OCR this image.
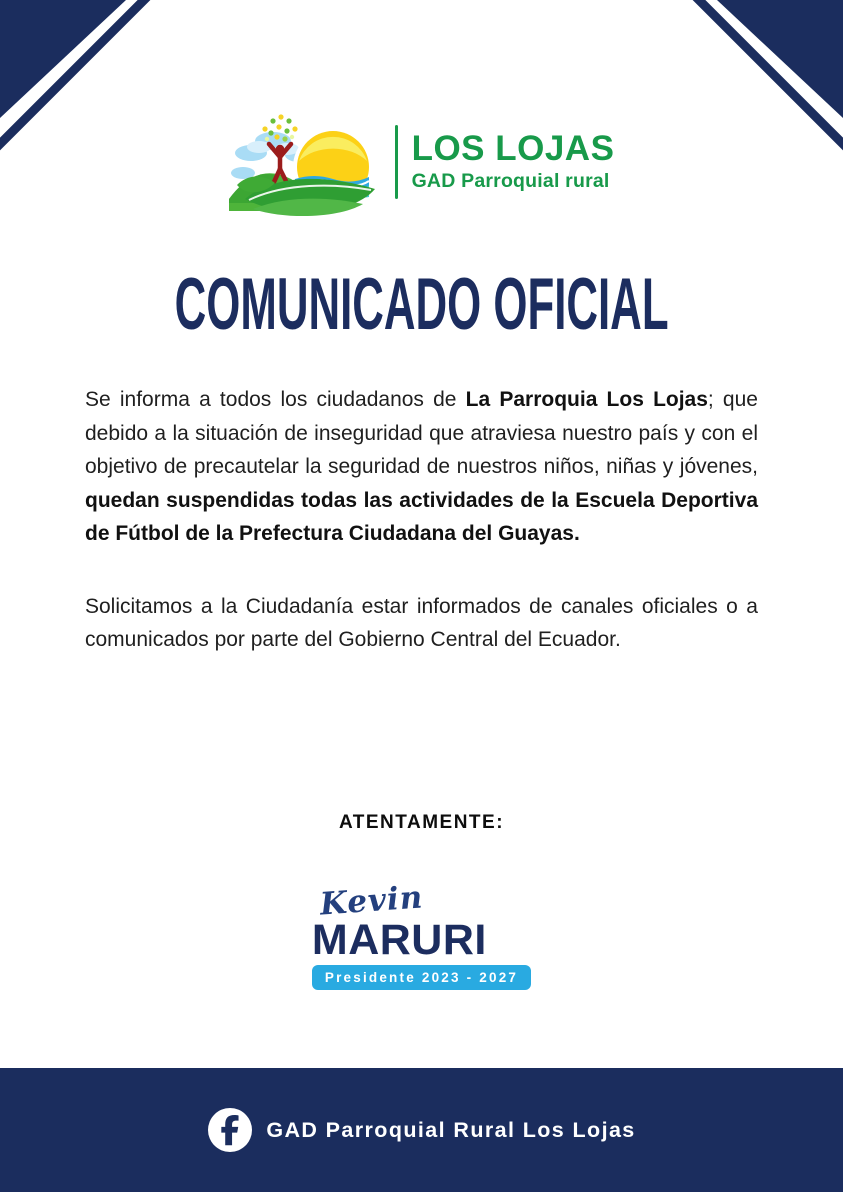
LOS LOJAS
GAD Parroquial rural
COMUNICADO OFICIAL

Se informa a todos los ciudadanos de La Parroquia Los Lojas; que debido a la situación de inseguridad que atraviesa nuestro país y con el objetivo de precautelar la seguridad de nuestros niños, niñas y jóvenes, quedan suspendidas todas las actividades de la Escuela Deportiva de Fútbol de la Prefectura Ciudadana del Guayas.

Solicitamos a la Ciudadanía estar informados de canales oficiales o a comunicados por parte del Gobierno Central del Ecuador.

ATENTAMENTE:
Kevin
MARURI
Presidente 2023 - 2027
GAD Parroquial Rural Los Lojas
